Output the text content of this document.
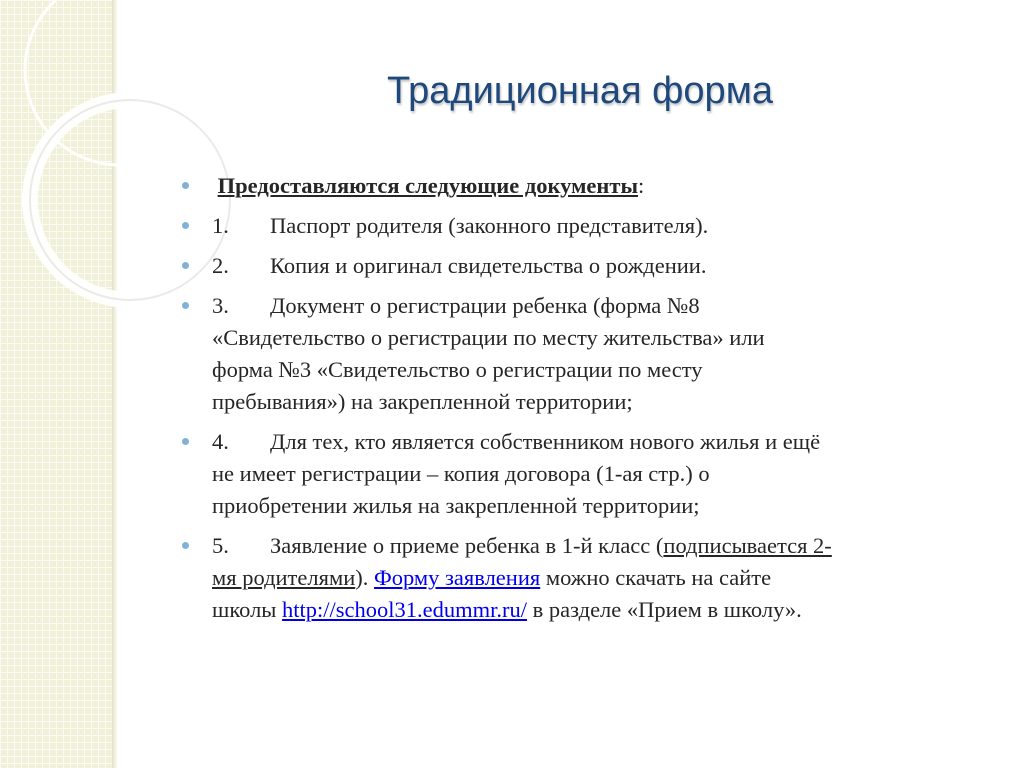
Традиционная форма
Предоставляются следующие документы:
1. Паспорт родителя (законного представителя).
2. Копия и оригинал свидетельства о рождении.
3. Документ о регистрации ребенка (форма №8
«Свидетельство о регистрации по месту жительства» или
форма №3 «Свидетельство о регистрации по месту
пребывания») на закрепленной территории;
4. Для тех, кто является собственником нового жилья и ещё
не имеет регистрации – копия договора (1-ая стр.) о
приобретении жилья на закрепленной территории;
5. Заявление о приеме ребенка в 1-й класс (подписывается 2-
мя родителями). Форму заявления можно скачать на сайте
школы http://school31.edummr.ru/ в разделе «Прием в школу».
